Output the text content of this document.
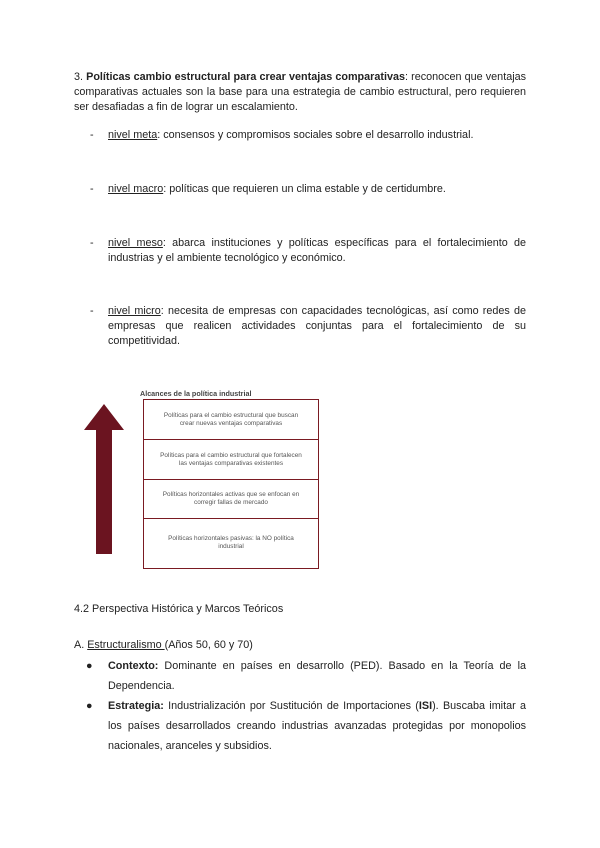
3. Políticas cambio estructural para crear ventajas comparativas: reconocen que ventajas comparativas actuales son la base para una estrategia de cambio estructural, pero requieren ser desafiadas a fin de lograr un escalamiento.
- nivel meta: consensos y compromisos sociales sobre el desarrollo industrial.
- nivel macro: políticas que requieren un clima estable y de certidumbre.
- nivel meso: abarca instituciones y políticas específicas para el fortalecimiento de industrias y el ambiente tecnológico y económico.
- nivel micro: necesita de empresas con capacidades tecnológicas, así como redes de empresas que realicen actividades conjuntas para el fortalecimiento de su competitividad.
Alcances de la política industrial
Políticas para el cambio estructural que buscan crear nuevas ventajas comparativas
Políticas para el cambio estructural que fortalecen las ventajas comparativas existentes
Políticas horizontales activas que se enfocan en corregir fallas de mercado
Políticas horizontales pasivas: la NO política industrial
4.2 Perspectiva Histórica y Marcos Teóricos
A. Estructuralismo (Años 50, 60 y 70)
● Contexto: Dominante en países en desarrollo (PED). Basado en la Teoría de la Dependencia.
● Estrategia: Industrialización por Sustitución de Importaciones (ISI). Buscaba imitar a los países desarrollados creando industrias avanzadas protegidas por monopolios nacionales, aranceles y subsidios.
